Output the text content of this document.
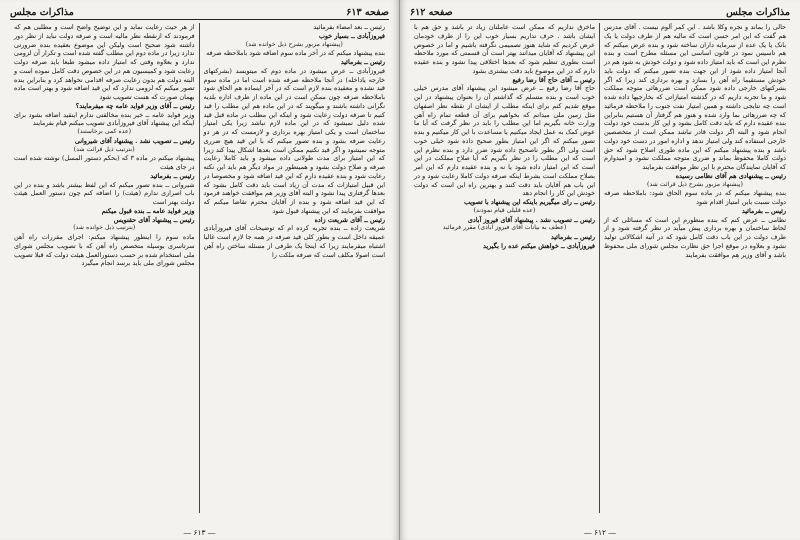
صفحه ۶۱۳
مذاکرات مجلس

رئیس ــ بعد امضاء بفرمائید

فیروزآبادی ــ بسیار خوب

(پیشنهاد مزبور بشرح ذیل خوانده شد)

بنده پیشنهاد میکنم که در آخر ماده سوم اضافه شود باملاحظه صرفه

رئیس ــ بفرمائید

فیروزآبادی ــ عرض میشود در ماده دوم که میتویسد (بشرکتهای خارجه یاداخله) در آنجا ملاحظه صرفه شده است اما در ماده سوم قید نشده و معقیده بنده لازم است که در آخر اینماده هم الحاق شود باملاحظه صرفه چون ممکن است در این ماده از طرف اداره بلدیه نگرانی داشته باشند و میگویند که در این ماده هم این مطلب را قید کنیم تا صرفه دولت رعایت شود و اینکه این مطلب در ماده قبل قید شده دلیل نمیشود که در این ماده لازم نباشد زیرا یکی امتیاز ساختمان است و یکی امتیاز بهره برداری و لازمست که در هر دو رعایت صرفه بشود و بنده تصور میکنم که با این قید هیچ ضرری متوجه نمیشود و اگر قید نکنیم ممکن است بعدها اشکال پیدا کند زیرا که این امتیاز برای مدت طولانی داده میشود و باید کاملا رعایت صرفه و صلاح دولت بشود و همینطور در مواد دیگر هم باید این نکته رعایت شود و بنده عقیده دارم که این قید اضافه شود و مخصوصا در این قبیل امتیازات که مدت آن زیاد است باید دقت کامل بشود که بعدها گرفتاری پیدا نشود و البته آقای وزیر هم موافقت خواهند فرمود که این قید اضافه شود و بنده از آقایان محترم تقاضا میکنم که موافقت بفرمایند که این پیشنهاد قبول شود

رئیس ــ آقای شریعت زاده

شریعت زاده ــ بنده تجربه کرده ام که توضیحات آقای فیروزآبادی عمیقه داخل است و بطور کلی قید صرفه در همه جا لازم است غالبا اشتباه میفرمایند زیرا که اینجا یک طرفی از مسئله ساختن راه آهن است اصولا مکلف است که صرفه ملکت را

از هر حیث رعایت نماید و این توضیح واضح است و مطلبی هم که فرمودند که ازنقطه نظر مالیه است و صرفه دولت نباید از نظر دور داشته شود صحیح است ولیکن این موضوع بعقیده بنده ضرورتی ندارد زیرا در ماده دوم این مطلب گفته شده است و تکرار آن لزومی ندارد و بعلاوه وقتی که امتیاز داده میشود طبعا باید صرفه دولت رعایت شود و کمیسیون هم در این خصوص دقت کامل نموده است و البته دولت هم بدون رعایت صرفه اقدامی نخواهد کرد و بنابراین بنده تصور میکنم که لزومی ندارد که این قید اضافه شود و بهتر است ماده بهمان صورت که هست تصویب شود

رئیس ــ آقای وزیر فواید عامه چه میفرمایند؟

وزیر فواید عامه ــ خیر بنده مخالفتی ندارم اینقید اضافه بشود برای اینکه این پیشنهاد آقای فیروزآبادی تصویب میکنم قیام بفرمایند

(عده کمی برخاستند)

رئیس ــ تصویب نشد . پیشنهاد آقای شیروانی

(بترتیب ذیل قرائت شد)

پیشنهاد میکنم در ماده ۳ که (بحکم دستور المسل) نوشته شده است در جای هیئت

رئیس ــ بفرمائید

شیروانی ــ بنده تصور میکنم که این لفظ بیشتر باشد و بنده در این باب اصراری ندارم (هیئت) را اضافه کنم چون دستور العمل هیئت دولت بهتر است

وزیر فواید عامه ــ بنده قبول میکنم

رئیس ــ پیشنهاد آقای حقنویس

(بترتیب ذیل خوانده شد)

ماده سوم را اینطور پیشنهاد میکنم: اجرای مقررات راه آهن سرتاسری بوسیله متخصص راه آهن که با تصویب مجلس شورای ملی استخدام شده بر حسب دستورالعمل هیئت دولت که قبلا تصویب مجلس شورای ملی باید برسد انجام میگیرد

― ۶۱۳ ―
مذاکرات مجلس
صفحه ۶۱۲

حالی را بماند و نجره وکلا باشد . این کمر آلوم نیست . آقای مدرس هم گفت که این امر حسن است که مالیه هم از طرف دولت یا یک بانک یا یک عده از سرمایه داران ساخته شود و بنده عرض میکنم که هم تاسیس نمود در قانون اساسی این مسئله مطرح است و بنده نظرم این است که باید امتیاز داده شود و دولت خودش به شود هم در آنجا امتیاز داده شود از این جهت بنده تصور میکنم که دولت باید خودش مستقیما راه آهن را بسازد و بهره برداری کند زیرا که اگر بشرکتهای خارجی داده شود ممکن است ضررهائی متوجه مملکت شود و ما تجربه داریم که در گذشته امتیازاتی که بخارجیها داده شده است چه نتایجی داشته و همین امتیاز نفت جنوب را ملاحظه فرمائید که چه ضررهائی بما وارد شده و هنوز هم گرفتار آن هستیم بنابراین بنده عقیده دارم که باید دقت کامل بشود و این کار بدست خود دولت انجام شود و البته اگر دولت قادر نباشد ممکن است از متخصصین خارجی استفاده کند ولی امتیاز ندهد و اداره امور در دست خود دولت باشد و بنده پیشنهاد میکنم که این ماده طوری اصلاح شود که حق دولت کاملا محفوظ بماند و ضرری متوجه مملکت نشود و امیدوارم که آقایان نمایندگان محترم با این نظر موافقت بفرمایند

رئیس ــ پیشنهادی هم آقای نظامی رسیده

(پیشنهاد مزبور بشرح ذیل قرائت شد)

بنده پیشنهاد میکنم که در ماده سوم الحاق شود: باملاحظه صرفه دولت نسبت باین امتیاز اقدام شود

رئیس ــ بفرمائید

نظامی ــ عرض کنم که بنده منظورم این است که مسائلی که از لحاظ ساختمان و بهره برداری پیش میآید در نظر گرفته شود و از طرف دولت در این باب دقت کامل شود که در آتیه اشکالاتی تولید نشود و بعلاوه در موقع اجرا حق نظارت مجلس شورای ملی محفوظ باشد و آقای وزیر هم موافقت بفرمایند

ماخرق نداریم که ممکن است عاملتان زیاد تر باشد و حق هم با ایشان باشد . حرف نداریم بسیار خوب این را از طرف خودمان عرض کردیم که شاید هنوز تصمیمی نگرفته باشیم و اما در خصوص این پیشنهاد که آقایان میدانند بهتر است آن قسمتی که مورد ملاحظه است بطوری تنظیم شود که بعدها اختلافی پیدا نشود و بنده عقیده دارم که در این موضوع باید دقت بیشتری بشود

رئیس ــ آقای حاج آقا رضا رفیع

حاج آقا رضا رفیع ــ عرض میشود این پیشنهاد آقای مدرس خیلی خوب است و بنده متسلم که گذاشتم آن را بعنوان پیشنهاد در این موقع تقدیم کنم برای اینکه مطلب از ایشان از نقطه نظر اصفهان مثل زمین ملی میدانم که بخواهیم برای آن قطعه تمام راه آهن وزارت خانه بگیریم اما این مطلب را باید در نظر گرفت که آیا ما عوض کمک به عمل ایجاد میکنیم یا مساعدت با این کار میکنیم و بنده تصور میکنم که اگر این امتیاز بطور صحیح داده شود خیلی خوب است ولی اگر بطور ناصحیح داده شود ضرر دارد و بنده نظرم این است که این مطلب را در نظر بگیریم که آیا صلاح مملکت در این است که این امتیاز داده شود یا نه و بنده عقیده دارم که این امر بصلاح مملکت است بشرط اینکه صرفه دولت کاملا رعایت شود و در این باب هم آقایان باید دقت کنند و بهترین راه این است که دولت خودش این کار را انجام دهد

رئیس ــ رای میگیریم باینکه این پیشنهاد با تصویب

(عده قلیلی قیام نمودند)

رئیس ــ تصویب نشد . پیشنهاد آقای فیروز آبادی

(عطف به بیانات آقای فیروز آبادی) مقرر فرمائید

رئیس ــ بفرمائید

فیروزآبادی ــ خواهش میکنم عده را بگیرید

― ۶۱۲ ―
